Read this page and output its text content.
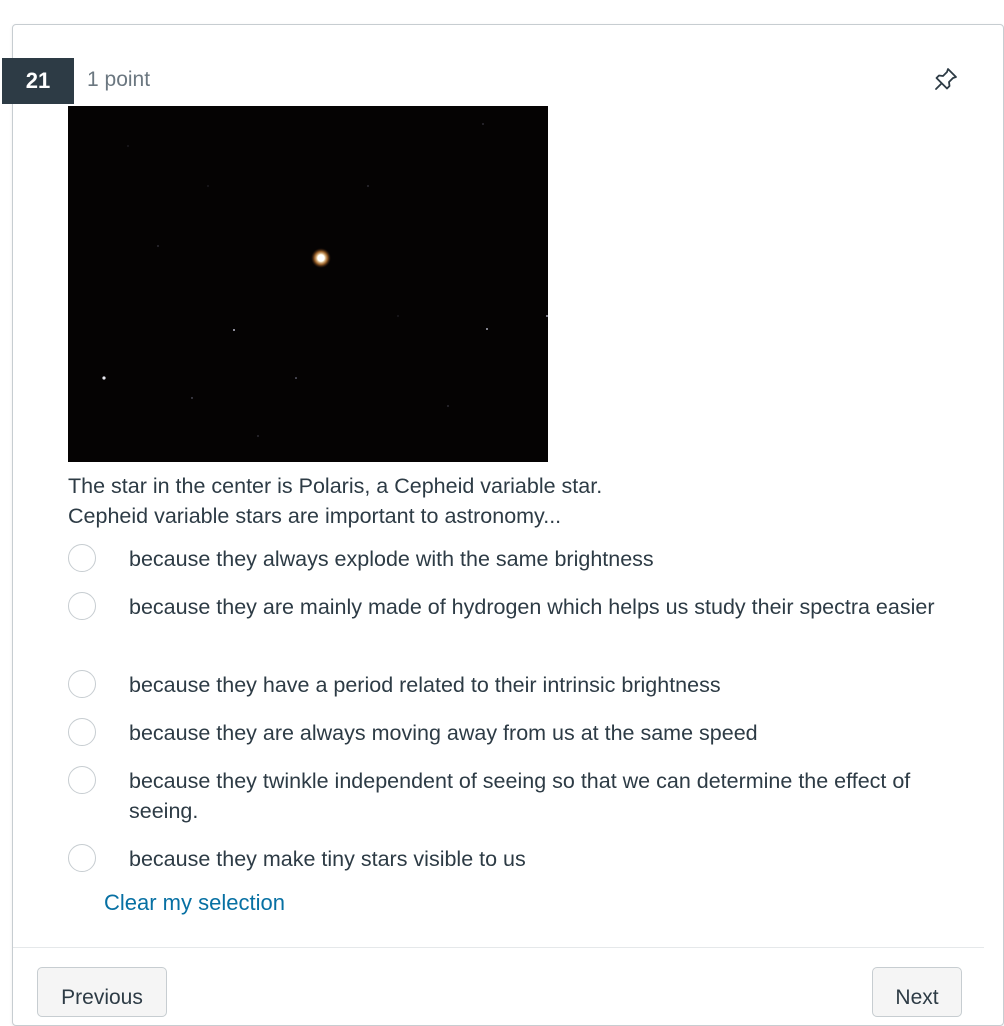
21	1 point
The star in the center is Polaris, a Cepheid variable star.
Cepheid variable stars are important to astronomy...
because they always explode with the same brightness
because they are mainly made of hydrogen which helps us study their spectra easier
because they have a period related to their intrinsic brightness
because they are always moving away from us at the same speed
because they twinkle independent of seeing so that we can determine the effect of seeing.
because they make tiny stars visible to us
Clear my selection
Previous	Next
